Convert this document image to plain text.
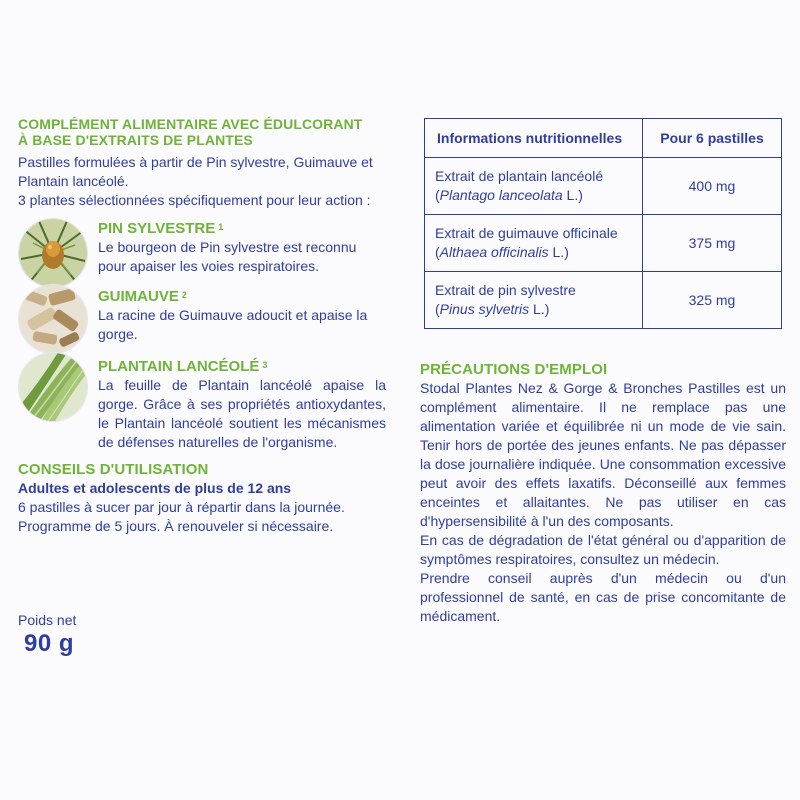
COMPLÉMENT ALIMENTAIRE AVEC ÉDULCORANT
À BASE D'EXTRAITS DE PLANTES
Pastilles formulées à partir de Pin sylvestre, Guimauve et Plantain lancéolé.
3 plantes sélectionnées spécifiquement pour leur action :
PIN SYLVESTRE $^1$
Le bourgeon de Pin sylvestre est reconnu pour apaiser les voies respiratoires.
GUIMAUVE $^2$
La racine de Guimauve adoucit et apaise la gorge.
PLANTAIN LANCÉOLÉ $^3$
La feuille de Plantain lancéolé apaise la gorge. Grâce à ses propriétés antioxydantes, le Plantain lancéolé soutient les mécanismes de défenses naturelles de l'organisme.
CONSEILS D'UTILISATION
Adultes et adolescents de plus de 12 ans
6 pastilles à sucer par jour à répartir dans la journée.
Programme de 5 jours. À renouveler si nécessaire.
Poids net
90 g
Informations nutritionnelles	Pour 6 pastilles

Extrait de plantain lancéolé
(Plantago lanceolata L.)	400 mg

Extrait de guimauve officinale
(Althaea officinalis L.)	375 mg

Extrait de pin sylvestre
(Pinus sylvetris L.)	325 mg
PRÉCAUTIONS D'EMPLOI
Stodal Plantes Nez & Gorge & Bronches Pastilles est un complément alimentaire. Il ne remplace pas une alimentation variée et équilibrée ni un mode de vie sain. Tenir hors de portée des jeunes enfants. Ne pas dépasser la dose journalière indiquée. Une consommation excessive peut avoir des effets laxatifs. Déconseillé aux femmes enceintes et allaitantes. Ne pas utiliser en cas d'hypersensibilité à l'un des composants.
En cas de dégradation de l'état général ou d'apparition de symptômes respiratoires, consultez un médecin.
Prendre conseil auprès d'un médecin ou d'un professionnel de santé, en cas de prise concomitante de médicament.
